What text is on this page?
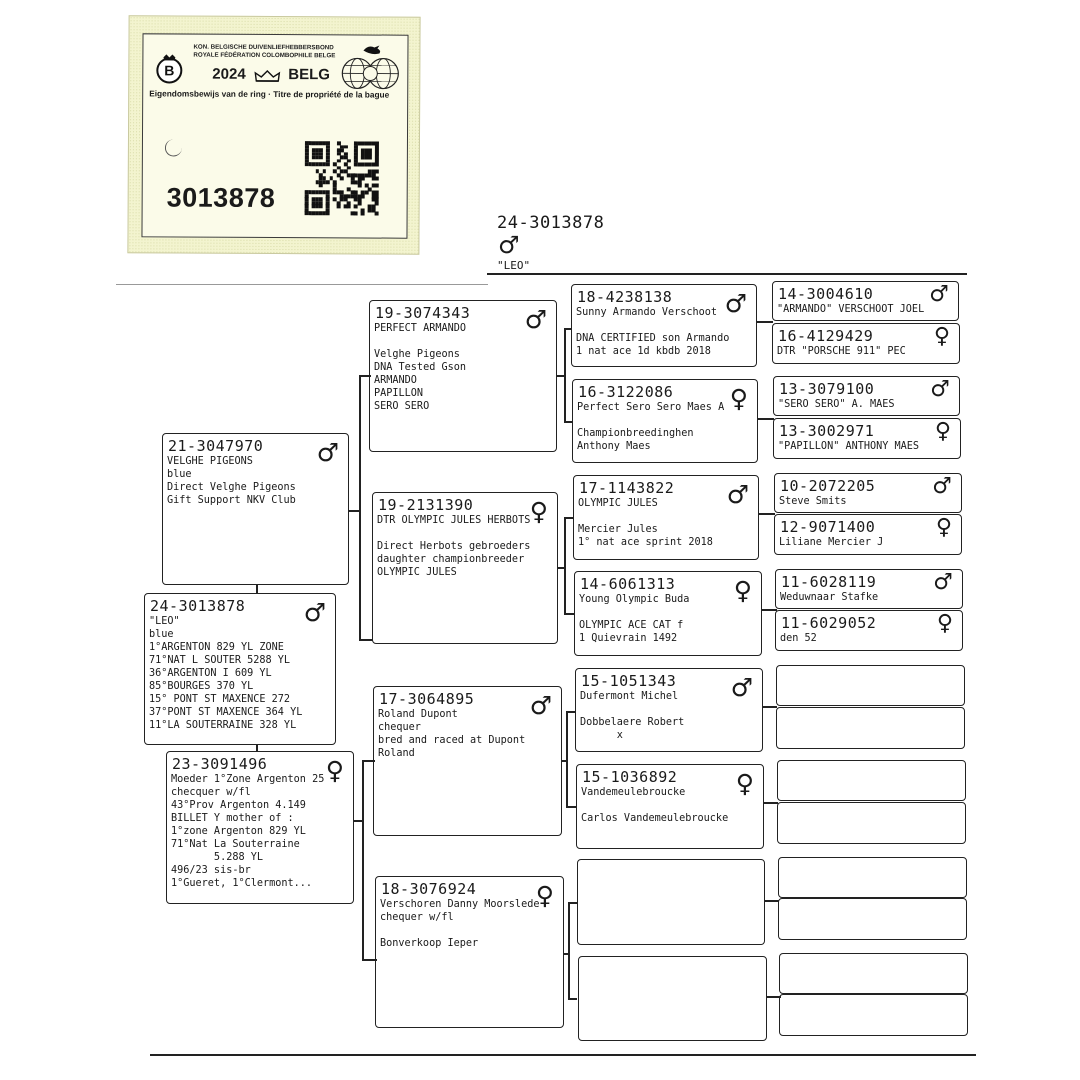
B
KON. BELGISCHE DUIVENLIEFHEBBERSBOND
ROYALE FÉDÉRATION COLOMBOPHILE BELGE
2024	BELG
Eigendomsbewijs van de ring · Titre de propriété de la bague
3013878
24-3013878
♂
"LEO"
21-3047970 ♂
VELGHE PIGEONS
blue
Direct Velghe Pigeons
Gift Support NKV Club
24-3013878 ♂
"LEO"
blue
1°ARGENTON 829 YL ZONE
71°NAT L SOUTER 5288 YL
36°ARGENTON I 609 YL
85°BOURGES 370 YL
15° PONT ST MAXENCE 272
37°PONT ST MAXENCE 364 YL
11°LA SOUTERRAINE 328 YL
23-3091496 ♀
Moeder 1°Zone Argenton 25
checquer w/fl
43°Prov Argenton 4.149
BILLET Y mother of :
1°zone Argenton 829 YL
71°Nat La Souterraine
5.288 YL
496/23 sis-br
1°Gueret, 1°Clermont...
19-3074343 ♂
PERFECT ARMANDO
Velghe Pigeons
DNA Tested Gson
ARMANDO
PAPILLON
SERO SERO
19-2131390 ♀
DTR OLYMPIC JULES HERBOTS
Direct Herbots gebroeders
daughter championbreeder
OLYMPIC JULES
17-3064895 ♂
Roland Dupont
chequer
bred and raced at Dupont
Roland
18-3076924 ♀
Verschoren Danny Moorslede
chequer w/fl
Bonverkoop Ieper
18-4238138 ♂
Sunny Armando Verschoot
DNA CERTIFIED son Armando
1 nat ace 1d kbdb 2018
16-3122086 ♀
Perfect Sero Sero Maes A
Championbreedinghen
Anthony Maes
17-1143822 ♂
OLYMPIC JULES
Mercier Jules
1° nat ace sprint 2018
14-6061313 ♀
Young Olympic Buda
OLYMPIC ACE CAT f
1 Quievrain 1492
15-1051343 ♂
Dufermont Michel
Dobbelaere Robert
x
15-1036892 ♀
Vandemeulebroucke
Carlos Vandemeulebroucke
14-3004610	♂
"ARMANDO" VERSCHOOT JOEL
16-4129429	♀
DTR "PORSCHE 911" PEC
13-3079100	♂
"SERO SERO" A. MAES
13-3002971	♀
"PAPILLON" ANTHONY MAES
10-2072205	♂
Steve Smits
12-9071400	♀
Liliane Mercier J
11-6028119	♂
Weduwnaar Stafke
11-6029052	♀
den 52
